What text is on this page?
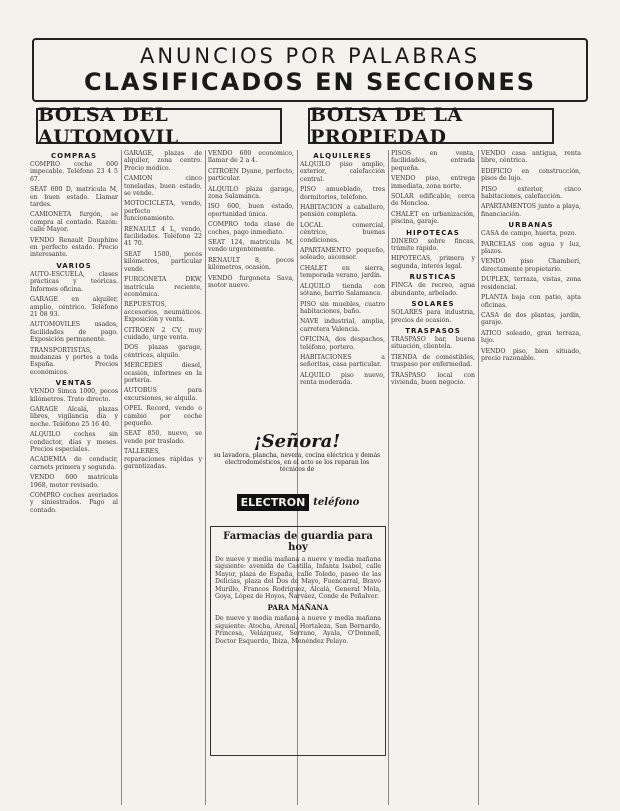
ANUNCIOS POR PALABRAS
CLASIFICADOS EN SECCIONES
BOLSA DEL AUTOMOVIL
BOLSA DE LA PROPIEDAD
COMPRAS

COMPRO coche 600 impecable. Teléfono 23 4 5 67.

SEAT 600 D, matrícula M, en buen estado. Llamar tardes.

CAMIONETA furgón, se compra al contado. Razón: calle Mayor.

VENDO Renault Dauphine en perfecto estado. Precio interesante.

VARIOS

AUTO-ESCUELA, clases prácticas y teóricas. Informes oficina.

GARAGE en alquiler, amplio, céntrico. Teléfono 21 08 93.

AUTOMOVILES usados, facilidades de pago. Exposición permanente.

TRANSPORTISTAS, mudanzas y portes a toda España. Precios económicos.

VENTAS

VENDO Simca 1000, pocos kilómetros. Trato directo.

GARAGE Alcalá, plazas libres, vigilancia día y noche. Teléfono 25 16 40.

ALQUILO coches sin conductor, días y meses. Precios especiales.

ACADEMIA de conducir, carnets primera y segunda.

VENDO 600 matrícula 1968, motor revisado.

COMPRO coches averiados y siniestrados. Pago al contado.

GARAGE, plazas de alquiler, zona centro. Precio módico.

CAMION cinco toneladas, buen estado, se vende.

MOTOCICLETA, vendo, perfecto funcionamiento.

RENAULT 4 L, vendo, facilidades. Teléfono 22 41 70.

SEAT 1500, pocos kilómetros, particular vende.

FURGONETA DKW, matrícula reciente, económica.

REPUESTOS, accesorios, neumáticos. Exposición y venta.

CITROEN 2 CV, muy cuidado, urge venta.

DOS plazas garage, céntricas, alquilo.

MERCEDES diesel, ocasión, informes en la portería.

AUTOBUS para excursiones, se alquila.

OPEL Record, vendo o cambio por coche pequeño.

SEAT 850, nuevo, se vende por traslado.

TALLERES, reparaciones rápidas y garantizadas.

VENDO 600 económico, llamar de 2 a 4.

CITROEN Dyane, perfecto, particular.

ALQUILO plaza garage, zona Salamanca.

ISO 600, buen estado, oportunidad única.

COMPRO toda clase de coches, pago inmediato.

SEAT 124, matrícula M, vendo urgentemente.

RENAULT 8, pocos kilómetros, ocasión.

VENDO furgoneta Sava, motor nuevo.

ALQUILERES

ALQUILO piso amplio, exterior, calefacción central.

PISO amueblado, tres dormitorios, teléfono.

HABITACION a caballero, pensión completa.

LOCAL comercial, céntrico, buenas condiciones.

APARTAMENTO pequeño, soleado, ascensor.

CHALET en sierra, temporada verano, jardín.

ALQUILO tienda con sótano, barrio Salamanca.

PISO sin muebles, cuatro habitaciones, baño.

NAVE industrial, amplia, carretera Valencia.

OFICINA, dos despachos, teléfono, portero.

HABITACIONES a señoritas, casa particular.

ALQUILO piso nuevo, renta moderada.

PISOS en venta, facilidades, entrada pequeña.

VENDO piso, entrega inmediata, zona norte.

SOLAR edificable, cerca de Moncloa.

CHALET en urbanización, piscina, garaje.

HIPOTECAS

DINERO sobre fincas, trámite rápido.

HIPOTECAS, primera y segunda, interés legal.

RUSTICAS

FINCA de recreo, agua abundante, arbolado.

SOLARES

SOLARES para industria, precios de ocasión.

TRASPASOS

TRASPASO bar, buena situación, clientela.

TIENDA de comestibles, traspaso por enfermedad.

TRASPASO local con vivienda, buen negocio.

VENDO casa antigua, renta libre, céntrica.

EDIFICIO en construcción, pisos de lujo.

PISO exterior, cinco habitaciones, calefacción.

APARTAMENTOS junto a playa, financiación.

URBANAS

CASA de campo, huerta, pozo.

PARCELAS con agua y luz, plazos.

VENDO piso Chamberí, directamente propietario.

DUPLEX, terraza, vistas, zona residencial.

PLANTA baja con patio, apta oficinas.

CASA de dos plantas, jardín, garaje.

ATICO soleado, gran terraza, lujo.

VENDO piso, bien situado, precio razonable.

¡Señora!
su lavadora, plancha, nevera, cocina eléctrica y demás electrodomésticos, en el acto se los reparan los técnicos de
ELECTRON teléfono
Farmacias de guardia para hoy
De nueve y media mañana a nueve y media mañana siguiente: avenida de Castilla, Infanta Isabel, calle Mayor, plaza de España, calle Toledo, paseo de las Delicias, plaza del Dos de Mayo, Fuencarral, Bravo Murillo, Francos Rodríguez, Alcalá, General Mola, Goya, López de Hoyos, Narváez, Conde de Peñalver.
PARA MAÑANA
De nueve y media mañana a nueve y media mañana siguiente: Atocha, Arenal, Hortaleza, San Bernardo, Princesa, Velázquez, Serrano, Ayala, O'Donnell, Doctor Esquerdo, Ibiza, Menéndez Pelayo.
